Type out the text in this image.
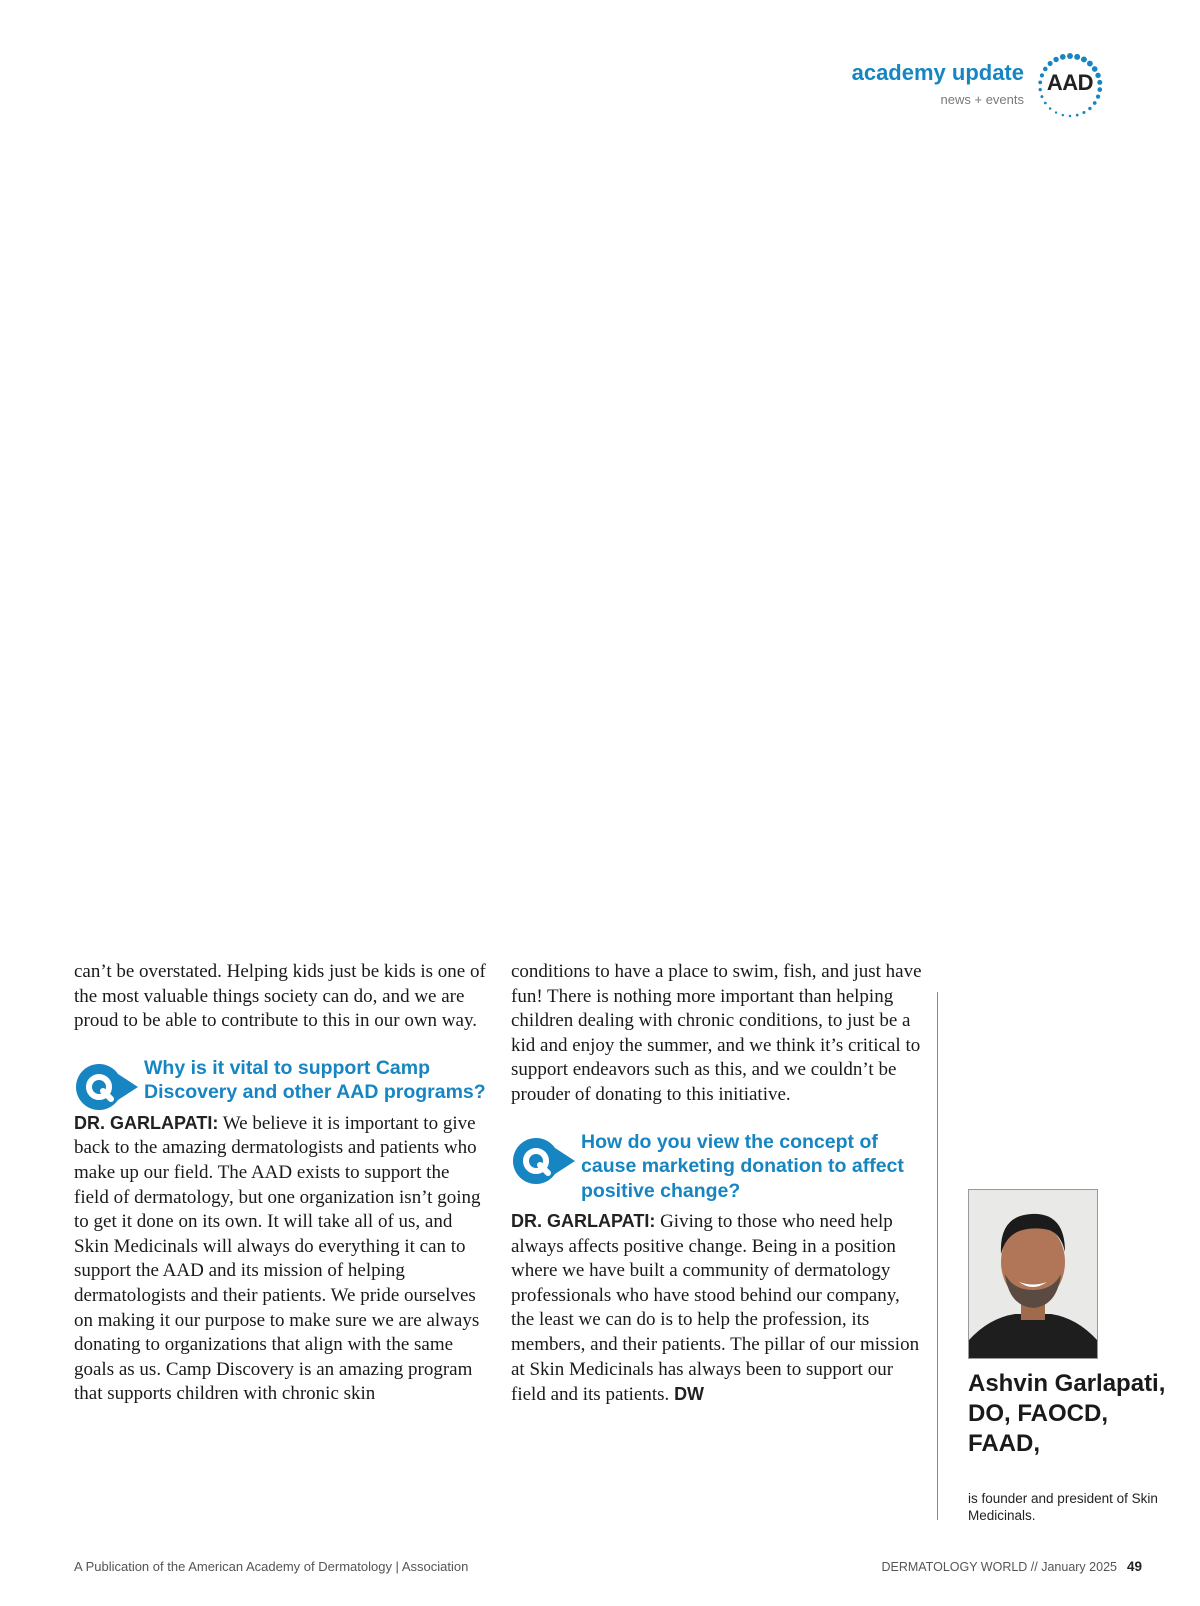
academy update
news + events
AAD

can’t be overstated. Helping kids just be kids is one of the most valuable things society can do, and we are proud to be able to contribute to this in our own way.

Why is it vital to support Camp Discovery and other AAD programs?

DR. GARLAPATI: We believe it is important to give back to the amazing dermatologists and patients who make up our field. The AAD exists to support the field of dermatology, but one organization isn’t going to get it done on its own. It will take all of us, and Skin Medicinals will always do everything it can to support the AAD and its mission of helping dermatologists and their patients. We pride ourselves on making it our purpose to make sure we are always donating to organizations that align with the same goals as us. Camp Discovery is an amazing program that supports children with chronic skin

conditions to have a place to swim, fish, and just have fun! There is nothing more important than helping children dealing with chronic conditions, to just be a kid and enjoy the summer, and we think it’s critical to support endeavors such as this, and we couldn’t be prouder of donating to this initiative.

How do you view the concept of cause marketing donation to affect positive change?

DR. GARLAPATI: Giving to those who need help always affects positive change. Being in a position where we have built a community of dermatology professionals who have stood behind our company, the least we can do is to help the profession, its members, and their patients. The pillar of our mission at Skin Medicinals has always been to support our field and its patients. DW	Ashvin Garlapati, DO, FAOCD, FAAD,

is founder and president of Skin Medicinals.

A Publication of the American Academy of Dermatology | Association	DERMATOLOGY WORLD // January 2025 49
